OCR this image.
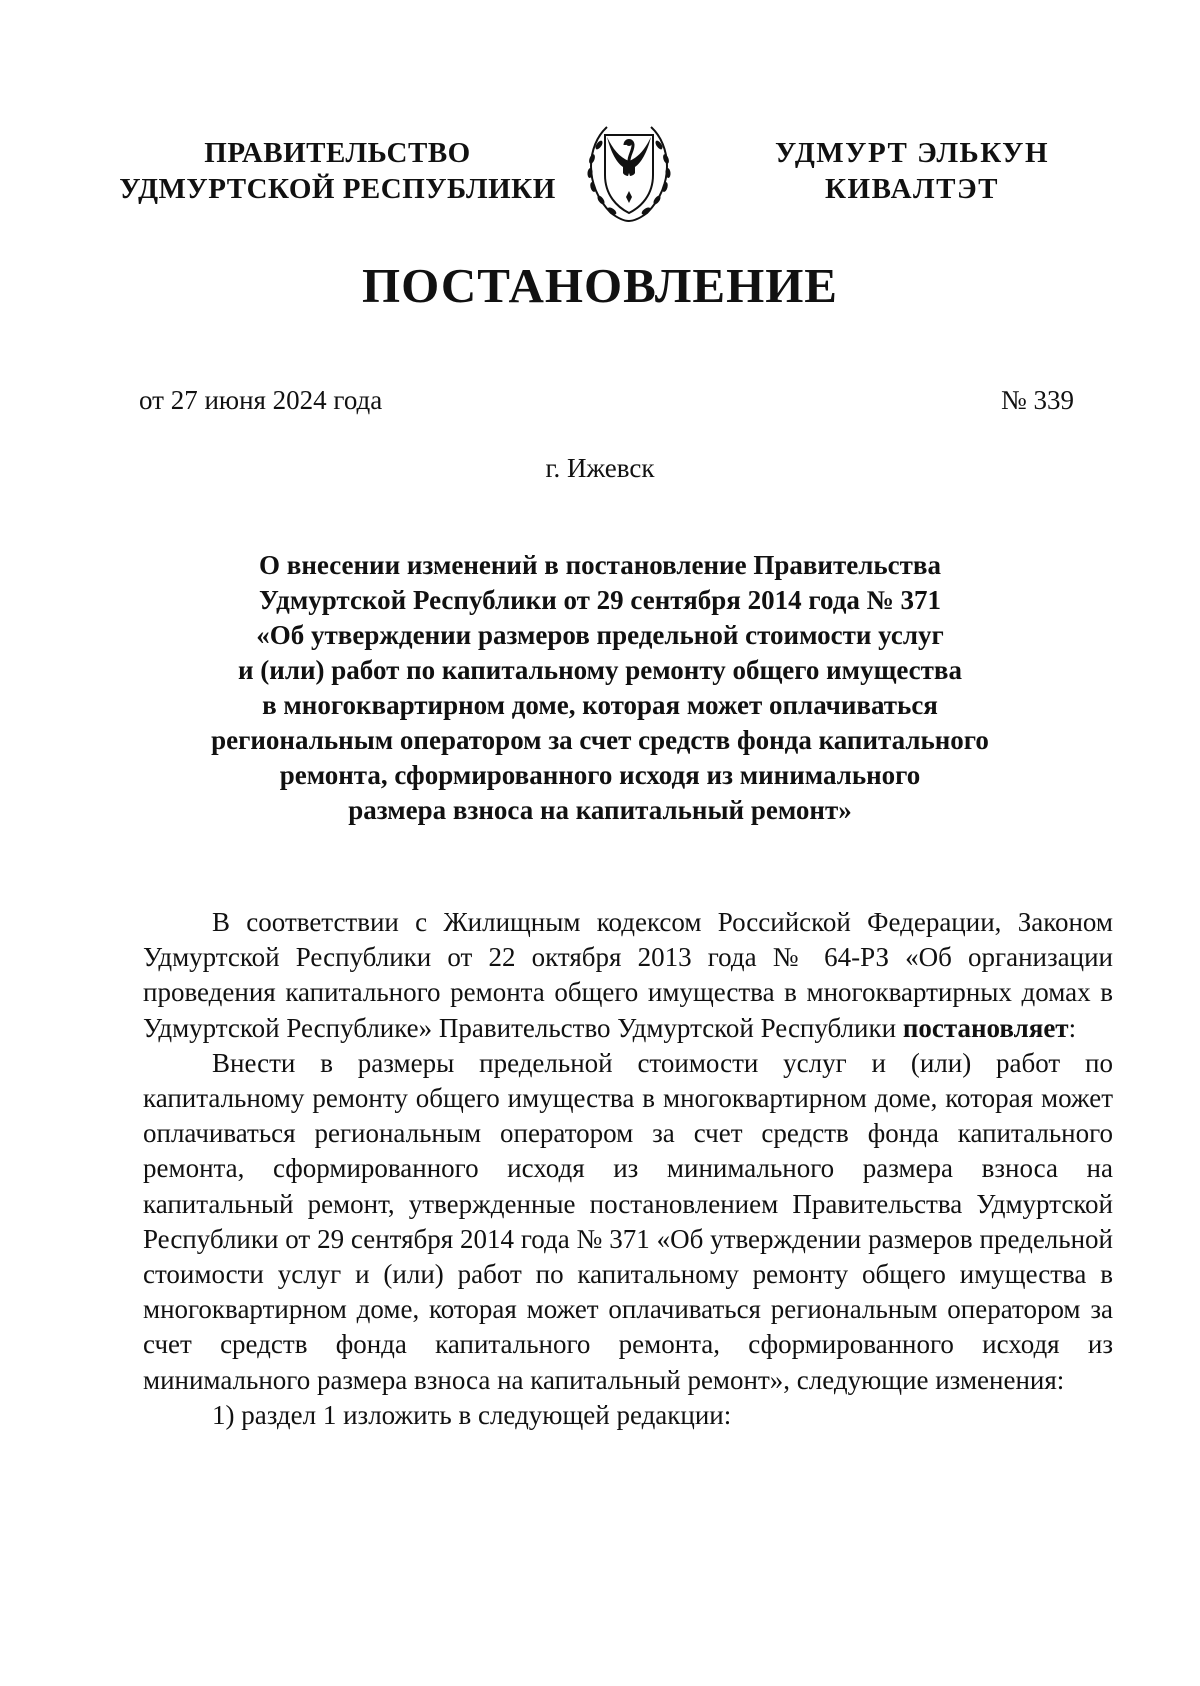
ПРАВИТЕЛЬСТВО
УДМУРТСКОЙ РЕСПУБЛИКИ
УДМУРТ ЭЛЬКУН
КИВАЛТЭТ
ПОСТАНОВЛЕНИЕ
от 27 июня 2024 года	№ 339
г. Ижевск
О внесении изменений в постановление Правительства
Удмуртской Республики от 29 сентября 2014 года № 371
«Об утверждении размеров предельной стоимости услуг
и (или) работ по капитальному ремонту общего имущества
в многоквартирном доме, которая может оплачиваться
региональным оператором за счет средств фонда капитального
ремонта, сформированного исходя из минимального
размера взноса на капитальный ремонт»

В соответствии с Жилищным кодексом Российской Федерации, Законом Удмуртской Республики от 22 октября 2013 года № 64-РЗ «Об организации проведения капитального ремонта общего имущества в многоквартирных домах в Удмуртской Республике» Правительство Удмуртской Республики постановляет:

Внести в размеры предельной стоимости услуг и (или) работ по капитальному ремонту общего имущества в многоквартирном доме, которая может оплачиваться региональным оператором за счет средств фонда капитального ремонта, сформированного исходя из минимального размера взноса на капитальный ремонт, утвержденные постановлением Правительства Удмуртской Республики от 29 сентября 2014 года № 371 «Об утверждении размеров предельной стоимости услуг и (или) работ по капитальному ремонту общего имущества в многоквартирном доме, которая может оплачиваться региональным оператором за счет средств фонда капитального ремонта, сформированного исходя из минимального размера взноса на капитальный ремонт», следующие изменения:

1) раздел 1 изложить в следующей редакции:
